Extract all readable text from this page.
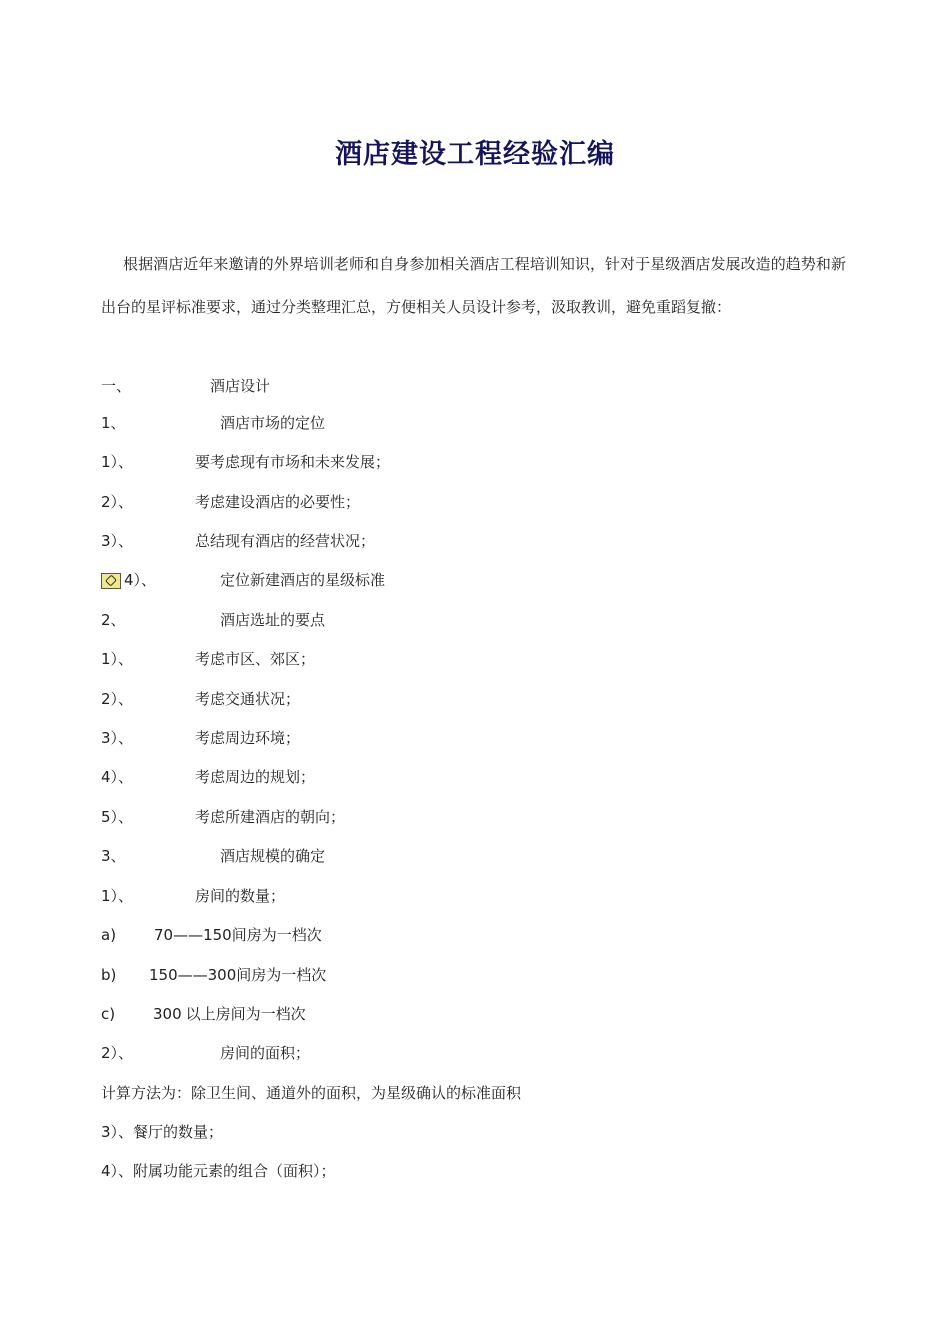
酒店建设工程经验汇编
根据酒店近年来邀请的外界培训老师和自身参加相关酒店工程培训知识，针对于星级酒店发展改造的趋势和新出台的星评标准要求，通过分类整理汇总，方便相关人员设计参考，汲取教训，避免重蹈复撤：
一、	酒店设计
1、	酒店市场的定位
1）、	要考虑现有市场和未来发展；
2）、	考虑建设酒店的必要性；
3）、	总结现有酒店的经营状况；
4）、	定位新建酒店的星级标准
2、	酒店选址的要点
1）、	考虑市区、郊区；
2）、	考虑交通状况；
3）、	考虑周边环境；
4）、	考虑周边的规划；
5）、	考虑所建酒店的朝向；
3、	酒店规模的确定
1）、	房间的数量；
a)	70——150间房为一档次
b) 150——300间房为一档次
c)	300 以上房间为一档次
2）、	房间的面积；
计算方法为：除卫生间、通道外的面积，为星级确认的标准面积
3）、餐厅的数量；
4）、附属功能元素的组合（面积）；
